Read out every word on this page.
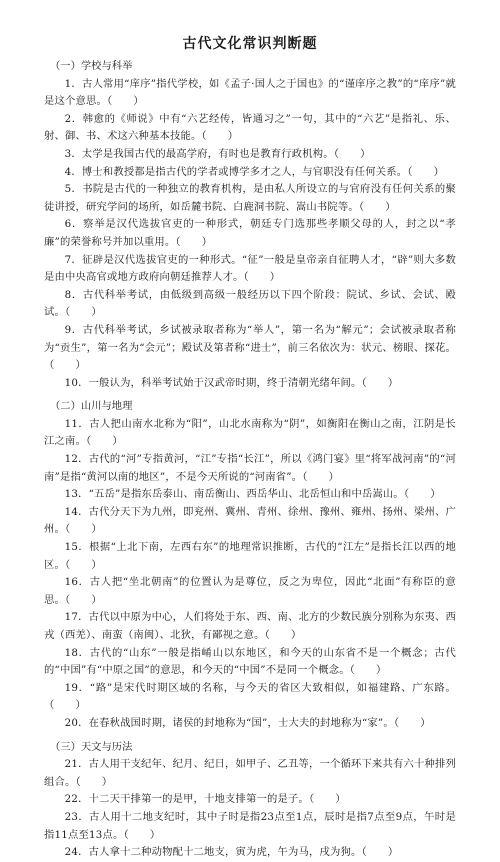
古代文化常识判断题

（一）学校与科举

1．古人常用“庠序”指代学校，如《孟子·国人之于国也》的“谨庠序之教”的“庠序”就是这个意思。（　　）

2．韩愈的《师说》中有“六艺经传，皆通习之”一句，其中的“六艺”是指礼、乐、射、御、书、术这六种基本技能。（　　）

3．太学是我国古代的最高学府，有时也是教育行政机构。（　　）

4．博士和教授都是指古代的学者或博学多才之人，与官职没有任何关系。（　　）

5．书院是古代的一种独立的教育机构，是由私人所设立的与官府没有任何关系的聚徒讲授，研究学问的场所，如岳麓书院、白鹿洞书院、嵩山书院等。（　　）

6．察举是汉代选拔官吏的一种形式，朝廷专门选那些孝顺父母的人，封之以“孝廉”的荣誉称号并加以重用。（　　）

7．征辟是汉代选拔官吏的一种形式。“征”一般是皇帝亲自征聘人才，“辟”则大多数是由中央高官或地方政府向朝廷推荐人才。（　　）

8．古代科举考试，由低级到高级一般经历以下四个阶段：院试、乡试、会试、殿试。（　　）

9．古代科举考试，乡试被录取者称为“举人”，第一名为“解元”；会试被录取者称为“贡生”，第一名为“会元”；殿试及第者称“进士”，前三名依次为：状元、榜眼、探花。（　　）

10．一般认为，科举考试始于汉武帝时期，终于清朝光绪年间。（　　）

（二）山川与地理

11．古人把山南水北称为“阳”，山北水南称为“阴”，如衡阳在衡山之南，江阴是长江之南。（　　）

12．古代的“河”专指黄河，“江”专指“长江”，所以《鸿门宴》里“将军战河南”的“河南”是指“黄河以南的地区”，不是今天所说的“河南省”。（　　）

13．“五岳”是指东岳泰山、南岳衡山、西岳华山、北岳恒山和中岳嵩山。（　　）

14．古代分天下为九州，即兖州、冀州、青州、徐州、豫州、雍州、扬州、梁州、广州。（　　）

15．根据“上北下南，左西右东”的地理常识推断，古代的“江左”是指长江以西的地区。（　　）

16．古人把“坐北朝南”的位置认为是尊位，反之为卑位，因此“北面”有称臣的意思。（　　）

17．古代以中原为中心，人们将处于东、西、南、北方的少数民族分别称为东夷、西戎（西羌）、南蛮（南闽）、北狄，有鄙视之意。（　　）

18．古代的“山东”一般是指崤山以东地区，和今天的山东省不是一个概念；古代的“中国”有“中原之国”的意思，和今天的“中国”不是同一个概念。（　　）

19．“路”是宋代时期区域的名称，与今天的省区大致相似，如福建路、广东路。（　　）

20．在春秋战国时期，诸侯的封地称为“国”，士大夫的封地称为“家”。（　　）

（三）天文与历法

21．古人用干支纪年、纪月、纪日，如甲子、乙丑等，一个循环下来共有六十种排列组合。（　　）

22．十二天干排第一的是甲，十地支排第一的是子。（　　）

23．古人用十二地支纪时，其中子时是指23点至1点，辰时是指7点至9点，午时是指11点至13点。（　　）

24．古人拿十二种动物配十二地支，寅为虎，午为马，戌为狗。（　　）
